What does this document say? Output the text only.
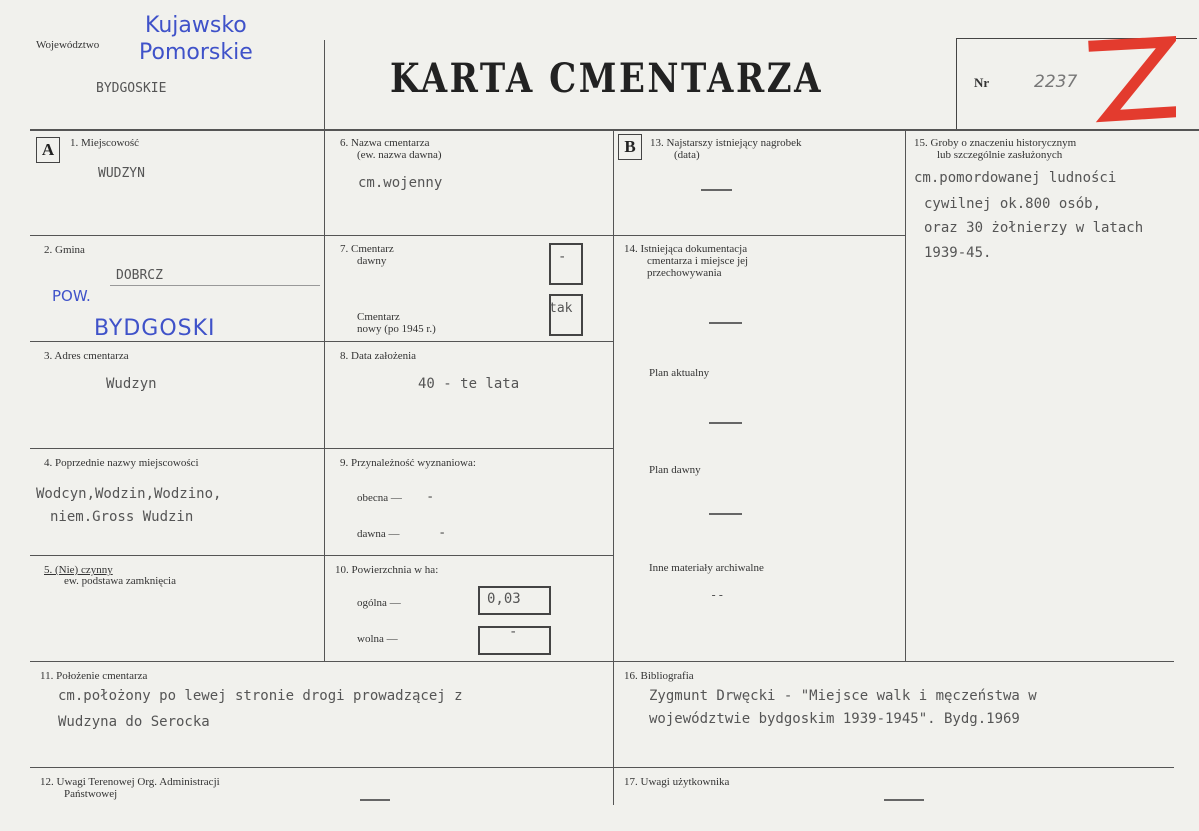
Województwo
Kujawsko
Pomorskie
BYDGOSKIE	KARTA CMENTARZA	Nr	2237
A	B
1. Miejscowość
WUDZYN
2. Gmina
DOBRCZ
POW.
BYDGOSKI
3. Adres cmentarza
Wudzyn
4. Poprzednie nazwy miejscowości
Wodcyn,Wodzin,Wodzino,
niem.Gross Wudzin
5. (Nie) czynny
ew. podstawa zamknięcia
6. Nazwa cmentarza
(ew. nazwa dawna)
cm.wojenny
7. Cmentarz
dawny	-
Cmentarz
nowy (po 1945 r.)
tak
8. Data założenia
40 - te lata
9. Przynależność wyznaniowa:
obecna — -
dawna —	-
10. Powierzchnia w ha:
ogólna —	0,03
wolna —	-
13. Najstarszy istniejący nagrobek
(data)
14. Istniejąca dokumentacja
cmentarza i miejsce jej
przechowywania
Plan aktualny
Plan dawny
Inne materiały archiwalne
--
15. Groby o znaczeniu historycznym
lub szczególnie zasłużonych
cm.pomordowanej ludności
cywilnej ok.800 osób,
oraz 30 żołnierzy w latach
1939-45.
11. Położenie cmentarza
cm.położony po lewej stronie drogi prowadzącej z
Wudzyna do Serocka
16. Bibliografia
Zygmunt Drwęcki - "Miejsce walk i męczeństwa w
województwie bydgoskim 1939-1945". Bydg.1969
12. Uwagi Terenowej Org. Administracji
Państwowej
17. Uwagi użytkownika
